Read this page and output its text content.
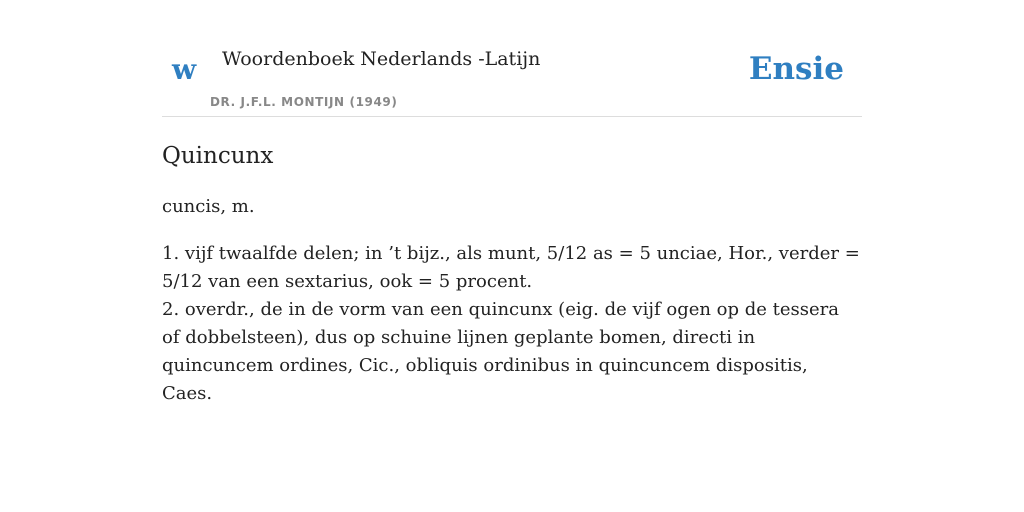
w Woordenboek Nederlands -Latijn
DR. J.F.L. MONTIJN (1949)
Ensie
Quincunx

cuncis, m.

1. vijf twaalfde delen; in ’t bijz., als munt, 5/12 as = 5 unciae, Hor., verder = 5/12 van een sextarius, ook = 5 procent.
2. overdr., de in de vorm van een quincunx (eig. de vijf ogen op de tessera of dobbelsteen), dus op schuine lijnen geplante bomen, directi in quincuncem ordines, Cic., obliquis ordinibus in quincuncem dispositis, Caes.
